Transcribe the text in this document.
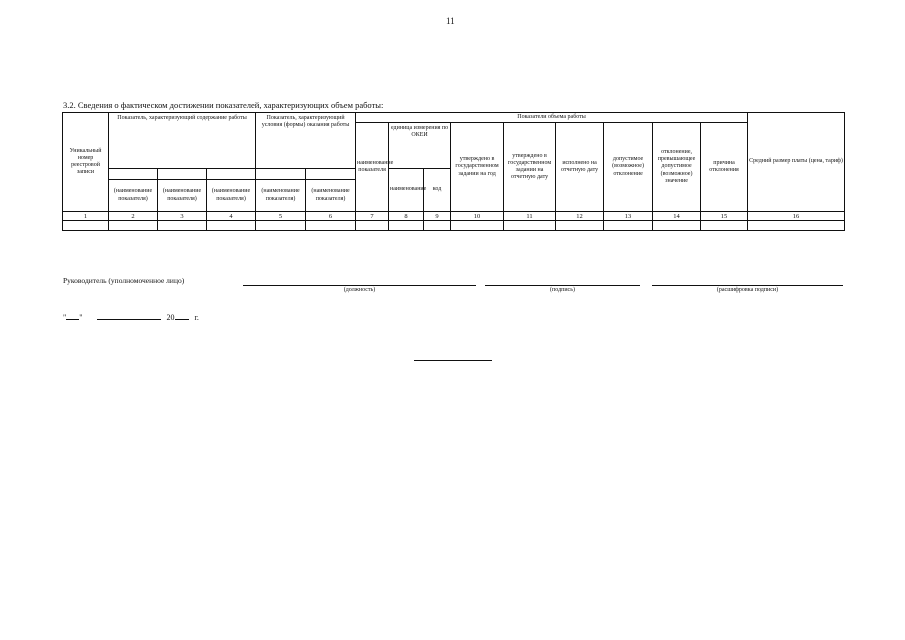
11
3.2. Сведения о фактическом достижении показателей, характеризующих объем работы:
Уникальный номер реестровой записи	Показатель, характеризующий содержание работы			Показатель, характеризующий условия (формы) оказания работы		Показатели объема работы									Средний размер платы (цена, тариф)
						наименование показателя	единица измерения по ОКЕИ		утверждено в государственном задании на год	утверждено в государственном задании на отчетную дату	исполнено на отчетную дату	допустимое (возможное) отклонение	отклонение, превышающее допустимое (возможное) значение	причина отклонения	
							наименование	код							
	(наименование показателя)	(наименование показателя)	(наименование показателя)	(наименование показателя)	(наименование показателя)										
1	2	3	4	5	6	7	8	9	10	11	12	13	14	15	16

Руководитель (уполномоченное лицо)
(должность)	(подпись)	(расшифровка подписи)
" "	20	г.
